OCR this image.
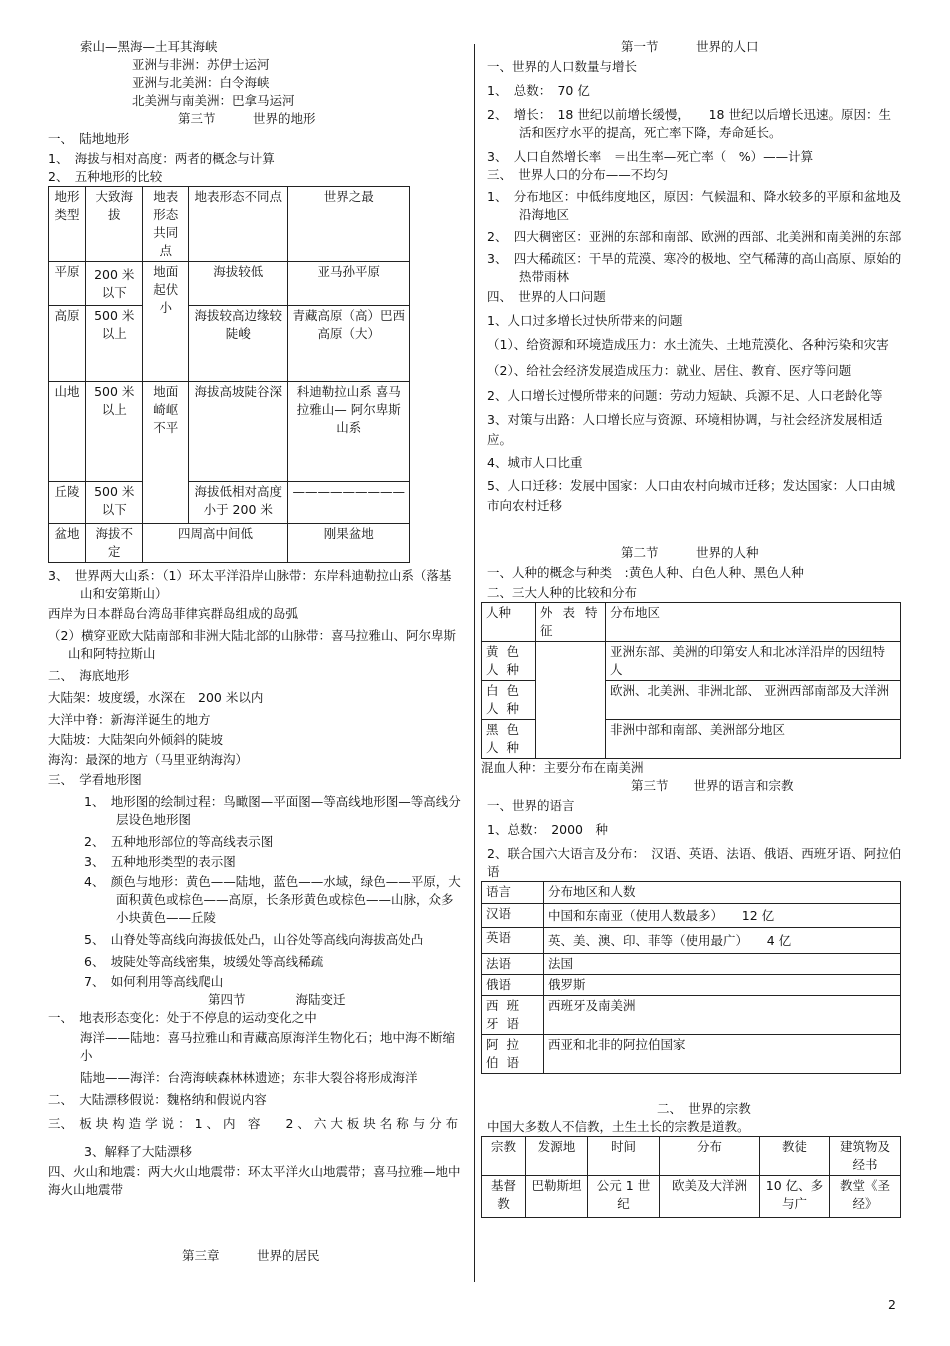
索山—黑海—土耳其海峡

亚洲与非洲：苏伊士运河

亚洲与北美洲：白令海峡

北美洲与南美洲：巴拿马运河

第三节　　　世界的地形

一、　陆地地形

1、　海拔与相对高度：两者的概念与计算

2、　五种地形的比较

地形类型	大致海拔	地表形态共同点	地表形态不同点	世界之最
平原	200 米以下	地面起伏小	海拔较低	亚马孙平原
高原	500 米以上		海拔较高边缘较陡峻	青藏高原（高）巴西高原（大）
山地	500 米以上	地面崎岖不平	海拔高坡陡谷深	科迪勒拉山系 喜马拉雅山— 阿尔卑斯山系
丘陵	500 米以下		海拔低相对高度小于 200 米	—————————
盆地	海拔不定	四周高中间低		刚果盆地

3、　世界两大山系：（1）环太平洋沿岸山脉带：东岸科迪勒拉山系（落基山和安第斯山）

西岸为日本群岛台湾岛菲律宾群岛组成的岛弧

（2）横穿亚欧大陆南部和非洲大陆北部的山脉带：喜马拉雅山、阿尔卑斯山和阿特拉斯山

二、　海底地形

大陆架：坡度缓，水深在　200 米以内

大洋中脊：新海洋诞生的地方

大陆坡：大陆架向外倾斜的陡坡

海沟：最深的地方（马里亚纳海沟）

三、　学看地形图

1、　地形图的绘制过程：鸟瞰图—平面图—等高线地形图—等高线分层设色地形图

2、　五种地形部位的等高线表示图

3、　五种地形类型的表示图

4、　颜色与地形：黄色——陆地，蓝色——水域，绿色——平原，大面积黄色或棕色——高原，长条形黄色或棕色——山脉，众多小块黄色——丘陵

5、　山脊处等高线向海拔低处凸，山谷处等高线向海拔高处凸

6、　坡陡处等高线密集，坡缓处等高线稀疏

7、　如何利用等高线爬山

第四节　　　　海陆变迁

一、　地表形态变化：处于不停息的运动变化之中

海洋——陆地：喜马拉雅山和青藏高原海洋生物化石；地中海不断缩小

陆地——海洋：台湾海峡森林林遗迹；东非大裂谷将形成海洋

二、　大陆漂移假说：魏格纳和假说内容

三、　板 块 构 造 学 说 ： 1 、 内　容　　2 、 六 大 板 块 名 称 与 分 布

3、解释了大陆漂移

四、火山和地震：两大火山地震带：环太平洋火山地震带；喜马拉雅—地中海火山地震带

第三章　　　世界的居民

第一节　　　世界的人口

一、世界的人口数量与增长

1、　总数：　70 亿

2、　增长：　18 世纪以前增长缓慢，　　18 世纪以后增长迅速。原因：生活和医疗水平的提高，死亡率下降，寿命延长。

3、　人口自然增长率　＝出生率—死亡率（　%）——计算

三、　世界人口的分布——不均匀

1、　分布地区：中低纬度地区，原因：气候温和、降水较多的平原和盆地及沿海地区

2、　四大稠密区：亚洲的东部和南部、欧洲的西部、北美洲和南美洲的东部

3、　四大稀疏区：干旱的荒漠、寒冷的极地、空气稀薄的高山高原、原始的热带雨林

四、　世界的人口问题

1、人口过多增长过快所带来的问题

（1）、给资源和环境造成压力：水土流失、土地荒漠化、各种污染和灾害

（2）、给社会经济发展造成压力：就业、居住、教育、医疗等问题

2、人口增长过慢所带来的问题：劳动力短缺、兵源不足、人口老龄化等

3、对策与出路：人口增长应与资源、环境相协调，与社会经济发展相适应。

4、城市人口比重

5、人口迁移：发展中国家：人口由农村向城市迁移；发达国家：人口由城市向农村迁移

第二节　　　世界的人种

一、人种的概念与种类　:黄色人种、白色人种、黑色人种

二、三大人种的比较和分布

人种	外 表 特 征	分布地区
黄 色 人 种		亚洲东部、美洲的印第安人和北冰洋沿岸的因纽特人
白 色 人 种		欧洲、北美洲、非洲北部、 亚洲西部南部及大洋洲
黑 色 人 种		非洲中部和南部、美洲部分地区

混血人种：主要分布在南美洲

第三节　　世界的语言和宗教

一、世界的语言

1、总数：　2000　种

2、联合国六大语言及分布：　汉语、英语、法语、俄语、西班牙语、阿拉伯语

语言	分布地区和人数
汉语	中国和东南亚（使用人数最多）　　12 亿
英语	英、美、澳、印、菲等（使用最广）　　4 亿
法语	法国
俄语	俄罗斯
西 班 牙 语	西班牙及南美洲
阿 拉 伯 语	西亚和北非的阿拉伯国家

二、　世界的宗教

中国大多数人不信教，土生土长的宗教是道教。

宗教	发源地	时间	分布	教徒	建筑物及经书
基督教	巴勒斯坦	公元 1 世纪	欧美及大洋洲	10 亿、多与广	教堂《圣经》
2
